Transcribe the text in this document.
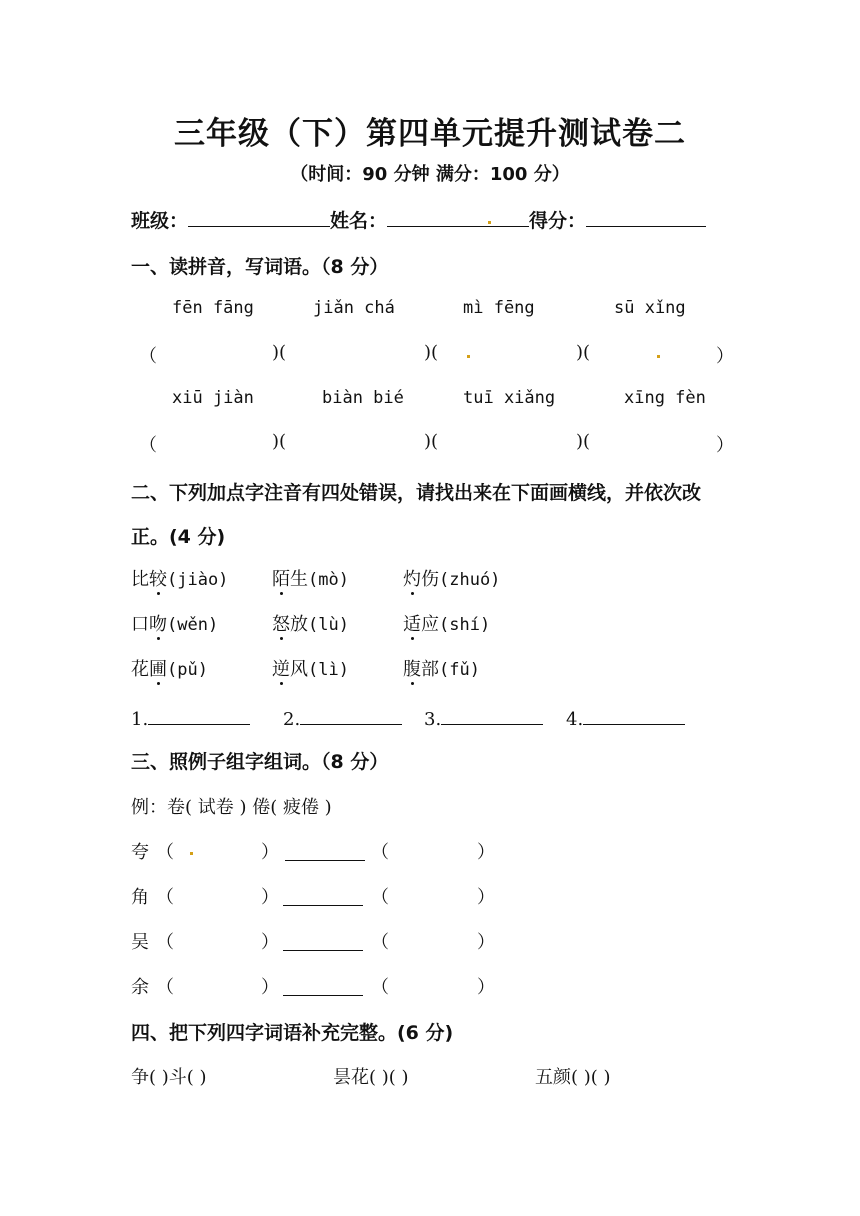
三年级（下）第四单元提升测试卷二
（时间：90 分钟 满分：100 分）
班级：	姓名：	得分：
一、读拼音，写词语。（8 分）
fēn fāng	jiǎn chá	mì fēng	sū xǐng
（	)(	)(	)(	）
xiū jiàn	biàn bié	tuī xiǎng	xīng fèn
（	)(	)(	)(	）
二、下列加点字注音有四处错误，请找出来在下面画横线，并依次改
正。(4 分)
比较(jiào) 陌生(mò)	灼伤(zhuó)
口吻(wěn)	怒放(lù)	适应(shí)
花圃(pǔ)	逆风(lì)	腹部(fǔ)
1.	2.	3.	4.
三、照例子组字组词。（8 分）
例：卷( 试卷 ) 倦( 疲倦 )
夸 （	）	（	）
角 （	）	（	）
吴 （	）	（	）
余 （	）	（	）
四、把下列四字词语补充完整。(6 分)
争( )斗( )	昙花( )( )	五颜( )( )
